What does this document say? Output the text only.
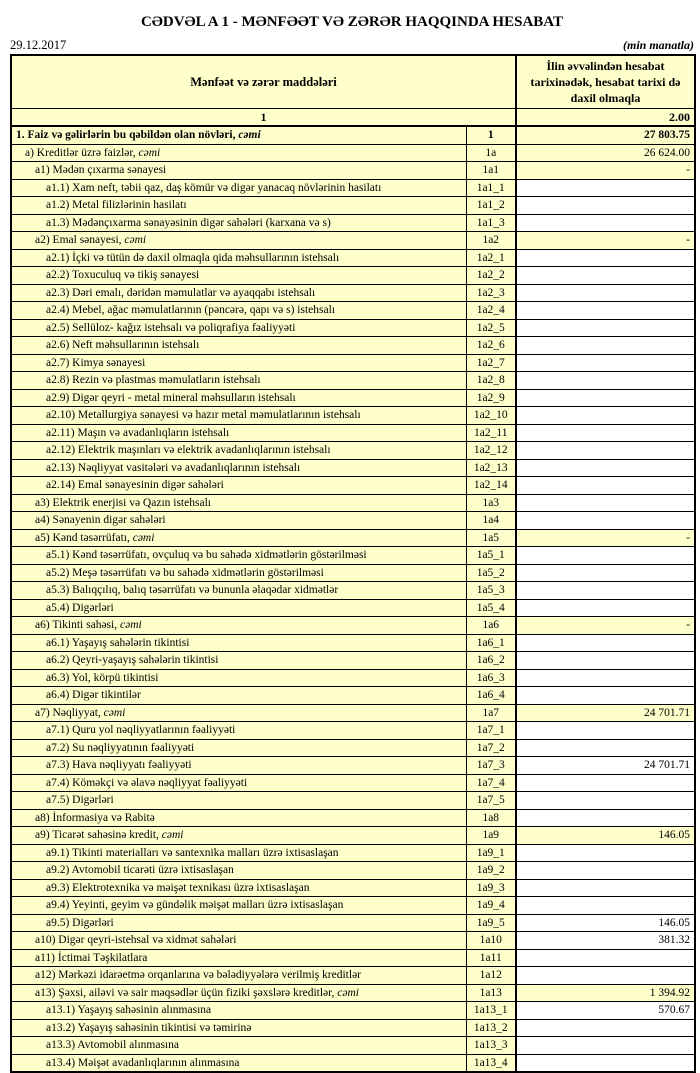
CƏDVƏL A 1 - MƏNFƏƏT VƏ ZƏRƏR HAQQINDA HESABAT
29.12.2017	(min manatla)
Mənfəət və zərər maddələri		İlin əvvəlindən hesabat tarixinədək, hesabat tarixi də daxil olmaqla
1		2.00
1. Faiz və gəlirlərin bu qəbildən olan növləri, cəmi	1	27 803.75
a) Kreditlər üzrə faizlər, cəmi	1a	26 624.00
a1) Mədən çıxarma sənayesi	1a1	-
a1.1) Xam neft, təbii qaz, daş kömür və digər yanacaq növlərinin hasilatı	1a1_1	
a1.2) Metal filizlərinin hasilatı	1a1_2	
a1.3) Mədənçıxarma sənayəsinin digər sahələri (karxana və s)	1a1_3	
a2) Emal sənayesi, cəmi	1a2	-
a2.1) İçki və tütün də daxil olmaqla qida məhsullarının istehsalı	1a2_1	
a2.2) Toxuculuq və tikiş sənayesi	1a2_2	
a2.3) Dəri emalı, dəridən məmulatlar və ayaqqabı istehsalı	1a2_3	
a2.4) Mebel, ağac məmulatlarının (pəncərə, qapı və s) istehsalı	1a2_4	
a2.5) Sellüloz- kağız istehsalı və poliqrafiya fəaliyyəti	1a2_5	
a2.6) Neft məhsullarının istehsalı	1a2_6	
a2.7) Kimya sənayesi	1a2_7	
a2.8) Rezin və plastmas məmulatların istehsalı	1a2_8	
a2.9) Digər qeyri - metal mineral məhsulların istehsalı	1a2_9	
a2.10) Metallurgiya sənayesi və hazır metal məmulatlarının istehsalı	1a2_10	
a2.11) Maşın və avadanlıqların istehsalı	1a2_11	
a2.12) Elektrik maşınları və elektrik avadanlıqlarının istehsalı	1a2_12	
a2.13) Nəqliyyat vasitələri və avadanlıqlarının istehsalı	1a2_13	
a2.14) Emal sənayesinin digər sahələri	1a2_14	
a3) Elektrik enerjisi və Qazın istehsalı	1a3	
a4) Sənayenin digər sahələri	1a4	
a5) Kənd təsərrüfatı, cəmi	1a5	-
a5.1) Kənd təsərrüfatı, ovçuluq və bu sahədə xidmətlərin göstərilməsi	1a5_1	
a5.2) Meşə təsərrüfatı və bu sahədə xidmətlərin göstərilməsi	1a5_2	
a5.3) Balıqçılıq, balıq təsərrüfatı və bununla əlaqədar xidmətlər	1a5_3	
a5.4) Digərləri	1a5_4	
a6) Tikinti sahəsi, cəmi	1a6	-
a6.1) Yaşayış sahələrin tikintisi	1a6_1	
a6.2) Qeyri-yaşayış sahələrin tikintisi	1a6_2	
a6.3) Yol, körpü tikintisi	1a6_3	
a6.4) Digər tikintilər	1a6_4	
a7) Nəqliyyat, cəmi	1a7	24 701.71
a7.1) Quru yol nəqliyyatlarının fəaliyyəti	1a7_1	
a7.2) Su nəqliyyatının fəaliyyəti	1a7_2	
a7.3) Hava nəqliyyatı fəaliyyəti	1a7_3	24 701.71
a7.4) Köməkçi və əlavə nəqliyyat fəaliyyəti	1a7_4	
a7.5) Digərləri	1a7_5	
a8) İnformasiya və Rabitə	1a8	
a9) Ticarət sahəsinə kredit, cəmi	1a9	146.05
a9.1) Tikinti materialları və santexnika malları üzrə ixtisaslaşan	1a9_1	
a9.2) Avtomobil ticarəti üzrə ixtisaslaşan	1a9_2	
a9.3) Elektrotexnika və məişət texnikası üzrə ixtisaslaşan	1a9_3	
a9.4) Yeyinti, geyim və gündəlik məişət malları üzrə ixtisaslaşan	1a9_4	
a9.5) Digərləri	1a9_5	146.05
a10) Digər qeyri-istehsal və xidmət sahələri	1a10	381.32
a11) İctimai Təşkilatlara	1a11	
a12) Mərkəzi idarəetmə orqanlarına və bələdiyyələrə verilmiş kreditlər	1a12	
a13) Şəxsi, ailəvi və sair məqsədlər üçün fiziki şəxslərə kreditlər, cəmi	1a13	1 394.92
a13.1) Yaşayış sahəsinin alınmasına	1a13_1	570.67
a13.2) Yaşayış sahəsinin tikintisi və təmirinə	1a13_2	
a13.3) Avtomobil alınmasına	1a13_3	
a13.4) Məişət avadanlıqlarının alınmasına	1a13_4	
